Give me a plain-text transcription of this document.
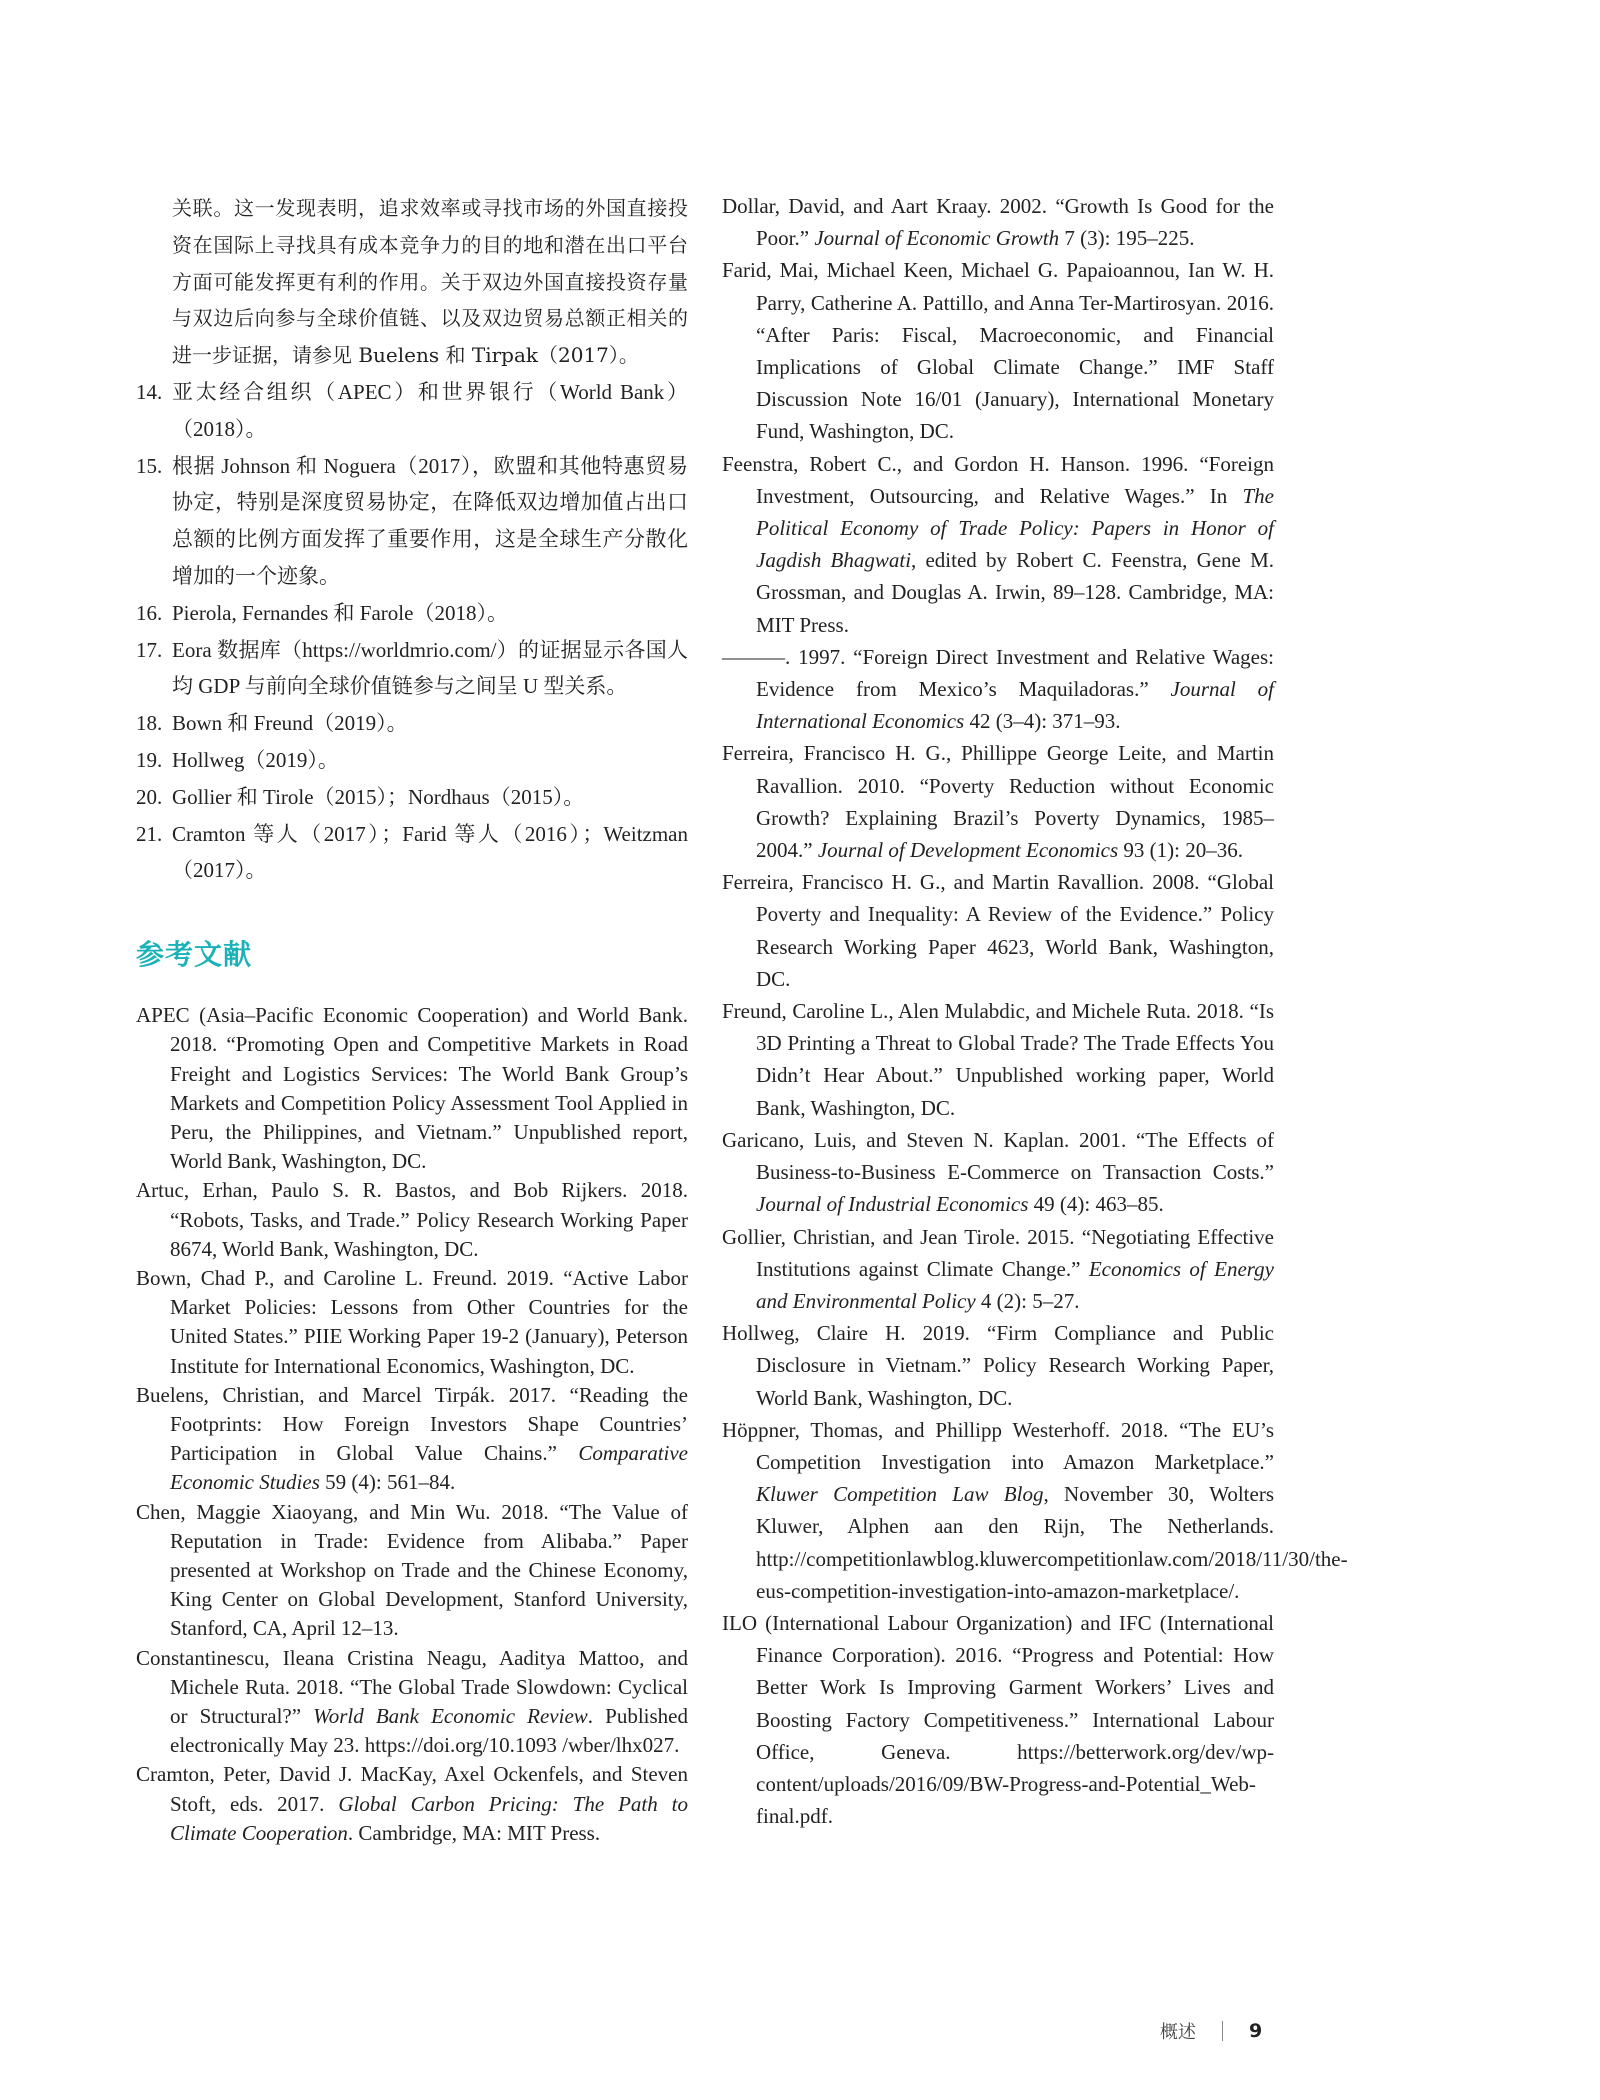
关联。这一发现表明，追求效率或寻找市场的外国直接投资在国际上寻找具有成本竞争力的目的地和潜在出口平台方面可能发挥更有利的作用。关于双边外国直接投资存量与双边后向参与全球价值链、以及双边贸易总额正相关的进一步证据，请参见 Buelens 和 Tirpak（2017）。
14. 亚太经合组织（APEC）和世界银行（World Bank）（2018）。
15. 根据 Johnson 和 Noguera（2017），欧盟和其他特惠贸易协定，特别是深度贸易协定，在降低双边增加值占出口总额的比例方面发挥了重要作用，这是全球生产分散化增加的一个迹象。
16. Pierola, Fernandes 和 Farole（2018）。
17. Eora 数据库（https://worldmrio.com/）的证据显示各国人均 GDP 与前向全球价值链参与之间呈 U 型关系。
18. Bown 和 Freund（2019）。
19. Hollweg（2019）。
20. Gollier 和 Tirole（2015）；Nordhaus（2015）。
21. Cramton 等人（2017）；Farid 等人（2016）；Weitzman（2017）。
参考文献

APEC (Asia–Pacific Economic Cooperation) and World Bank. 2018. “Promoting Open and Competitive Markets in Road Freight and Logistics Services: The World Bank Group’s Markets and Competition Policy Assessment Tool Applied in Peru, the Philippines, and Vietnam.” Unpublished report, World Bank, Washington, DC.

Artuc, Erhan, Paulo S. R. Bastos, and Bob Rijkers. 2018. “Robots, Tasks, and Trade.” Policy Research Working Paper 8674, World Bank, Washington, DC.

Bown, Chad P., and Caroline L. Freund. 2019. “Active Labor Market Policies: Lessons from Other Countries for the United States.” PIIE Working Paper 19-2 (January), Peterson Institute for International Economics, Washington, DC.

Buelens, Christian, and Marcel Tirpák. 2017. “Reading the Footprints: How Foreign Investors Shape Countries’ Participation in Global Value Chains.” Comparative Economic Studies 59 (4): 561–84.

Chen, Maggie Xiaoyang, and Min Wu. 2018. “The Value of Reputation in Trade: Evidence from Alibaba.” Paper presented at Workshop on Trade and the Chinese Economy, King Center on Global Development, Stanford University, Stanford, CA, April 12–13.

Constantinescu, Ileana Cristina Neagu, Aaditya Mattoo, and Michele Ruta. 2018. “The Global Trade Slowdown: Cyclical or Structural?” World Bank Economic Review. Published electronically May 23. https://doi.org/10.1093 /wber/lhx027.

Cramton, Peter, David J. MacKay, Axel Ockenfels, and Steven Stoft, eds. 2017. Global Carbon Pricing: The Path to Climate Cooperation. Cambridge, MA: MIT Press.

Dollar, David, and Aart Kraay. 2002. “Growth Is Good for the Poor.” Journal of Economic Growth 7 (3): 195–225.

Farid, Mai, Michael Keen, Michael G. Papaioannou, Ian W. H. Parry, Catherine A. Pattillo, and Anna Ter-Martirosyan. 2016. “After Paris: Fiscal, Macroeconomic, and Financial Implications of Global Climate Change.” IMF Staff Discussion Note 16/01 (January), International Monetary Fund, Washington, DC.

Feenstra, Robert C., and Gordon H. Hanson. 1996. “Foreign Investment, Outsourcing, and Relative Wages.” In The Political Economy of Trade Policy: Papers in Honor of Jagdish Bhagwati, edited by Robert C. Feenstra, Gene M. Grossman, and Douglas A. Irwin, 89–128. Cambridge, MA: MIT Press.

———. 1997. “Foreign Direct Investment and Relative Wages: Evidence from Mexico’s Maquiladoras.” Journal of International Economics 42 (3–4): 371–93.

Ferreira, Francisco H. G., Phillippe George Leite, and Martin Ravallion. 2010. “Poverty Reduction without Economic Growth? Explaining Brazil’s Poverty Dynamics, 1985–2004.” Journal of Development Economics 93 (1): 20–36.

Ferreira, Francisco H. G., and Martin Ravallion. 2008. “Global Poverty and Inequality: A Review of the Evidence.” Policy Research Working Paper 4623, World Bank, Washington, DC.

Freund, Caroline L., Alen Mulabdic, and Michele Ruta. 2018. “Is 3D Printing a Threat to Global Trade? The Trade Effects You Didn’t Hear About.” Unpublished working paper, World Bank, Washington, DC.

Garicano, Luis, and Steven N. Kaplan. 2001. “The Effects of Business-to-Business E-Commerce on Transaction Costs.” Journal of Industrial Economics 49 (4): 463–85.

Gollier, Christian, and Jean Tirole. 2015. “Negotiating Effective Institutions against Climate Change.” Economics of Energy and Environmental Policy 4 (2): 5–27.

Hollweg, Claire H. 2019. “Firm Compliance and Public Disclosure in Vietnam.” Policy Research Working Paper, World Bank, Washington, DC.

Höppner, Thomas, and Phillipp Westerhoff. 2018. “The EU’s Competition Investigation into Amazon Marketplace.” Kluwer Competition Law Blog, November 30, Wolters Kluwer, Alphen aan den Rijn, The Netherlands. http://competitionlawblog.kluwercompetitionlaw.com/2018/11/30/the-eus-competition-investigation-into-amazon-marketplace/.

ILO (International Labour Organization) and IFC (International Finance Corporation). 2016. “Progress and Potential: How Better Work Is Improving Garment Workers’ Lives and Boosting Factory Competitiveness.” International Labour Office, Geneva. https://betterwork.org/dev/wp-content/uploads/2016/09/BW-Progress-and-Potential_Web-final.pdf.

概述	9
